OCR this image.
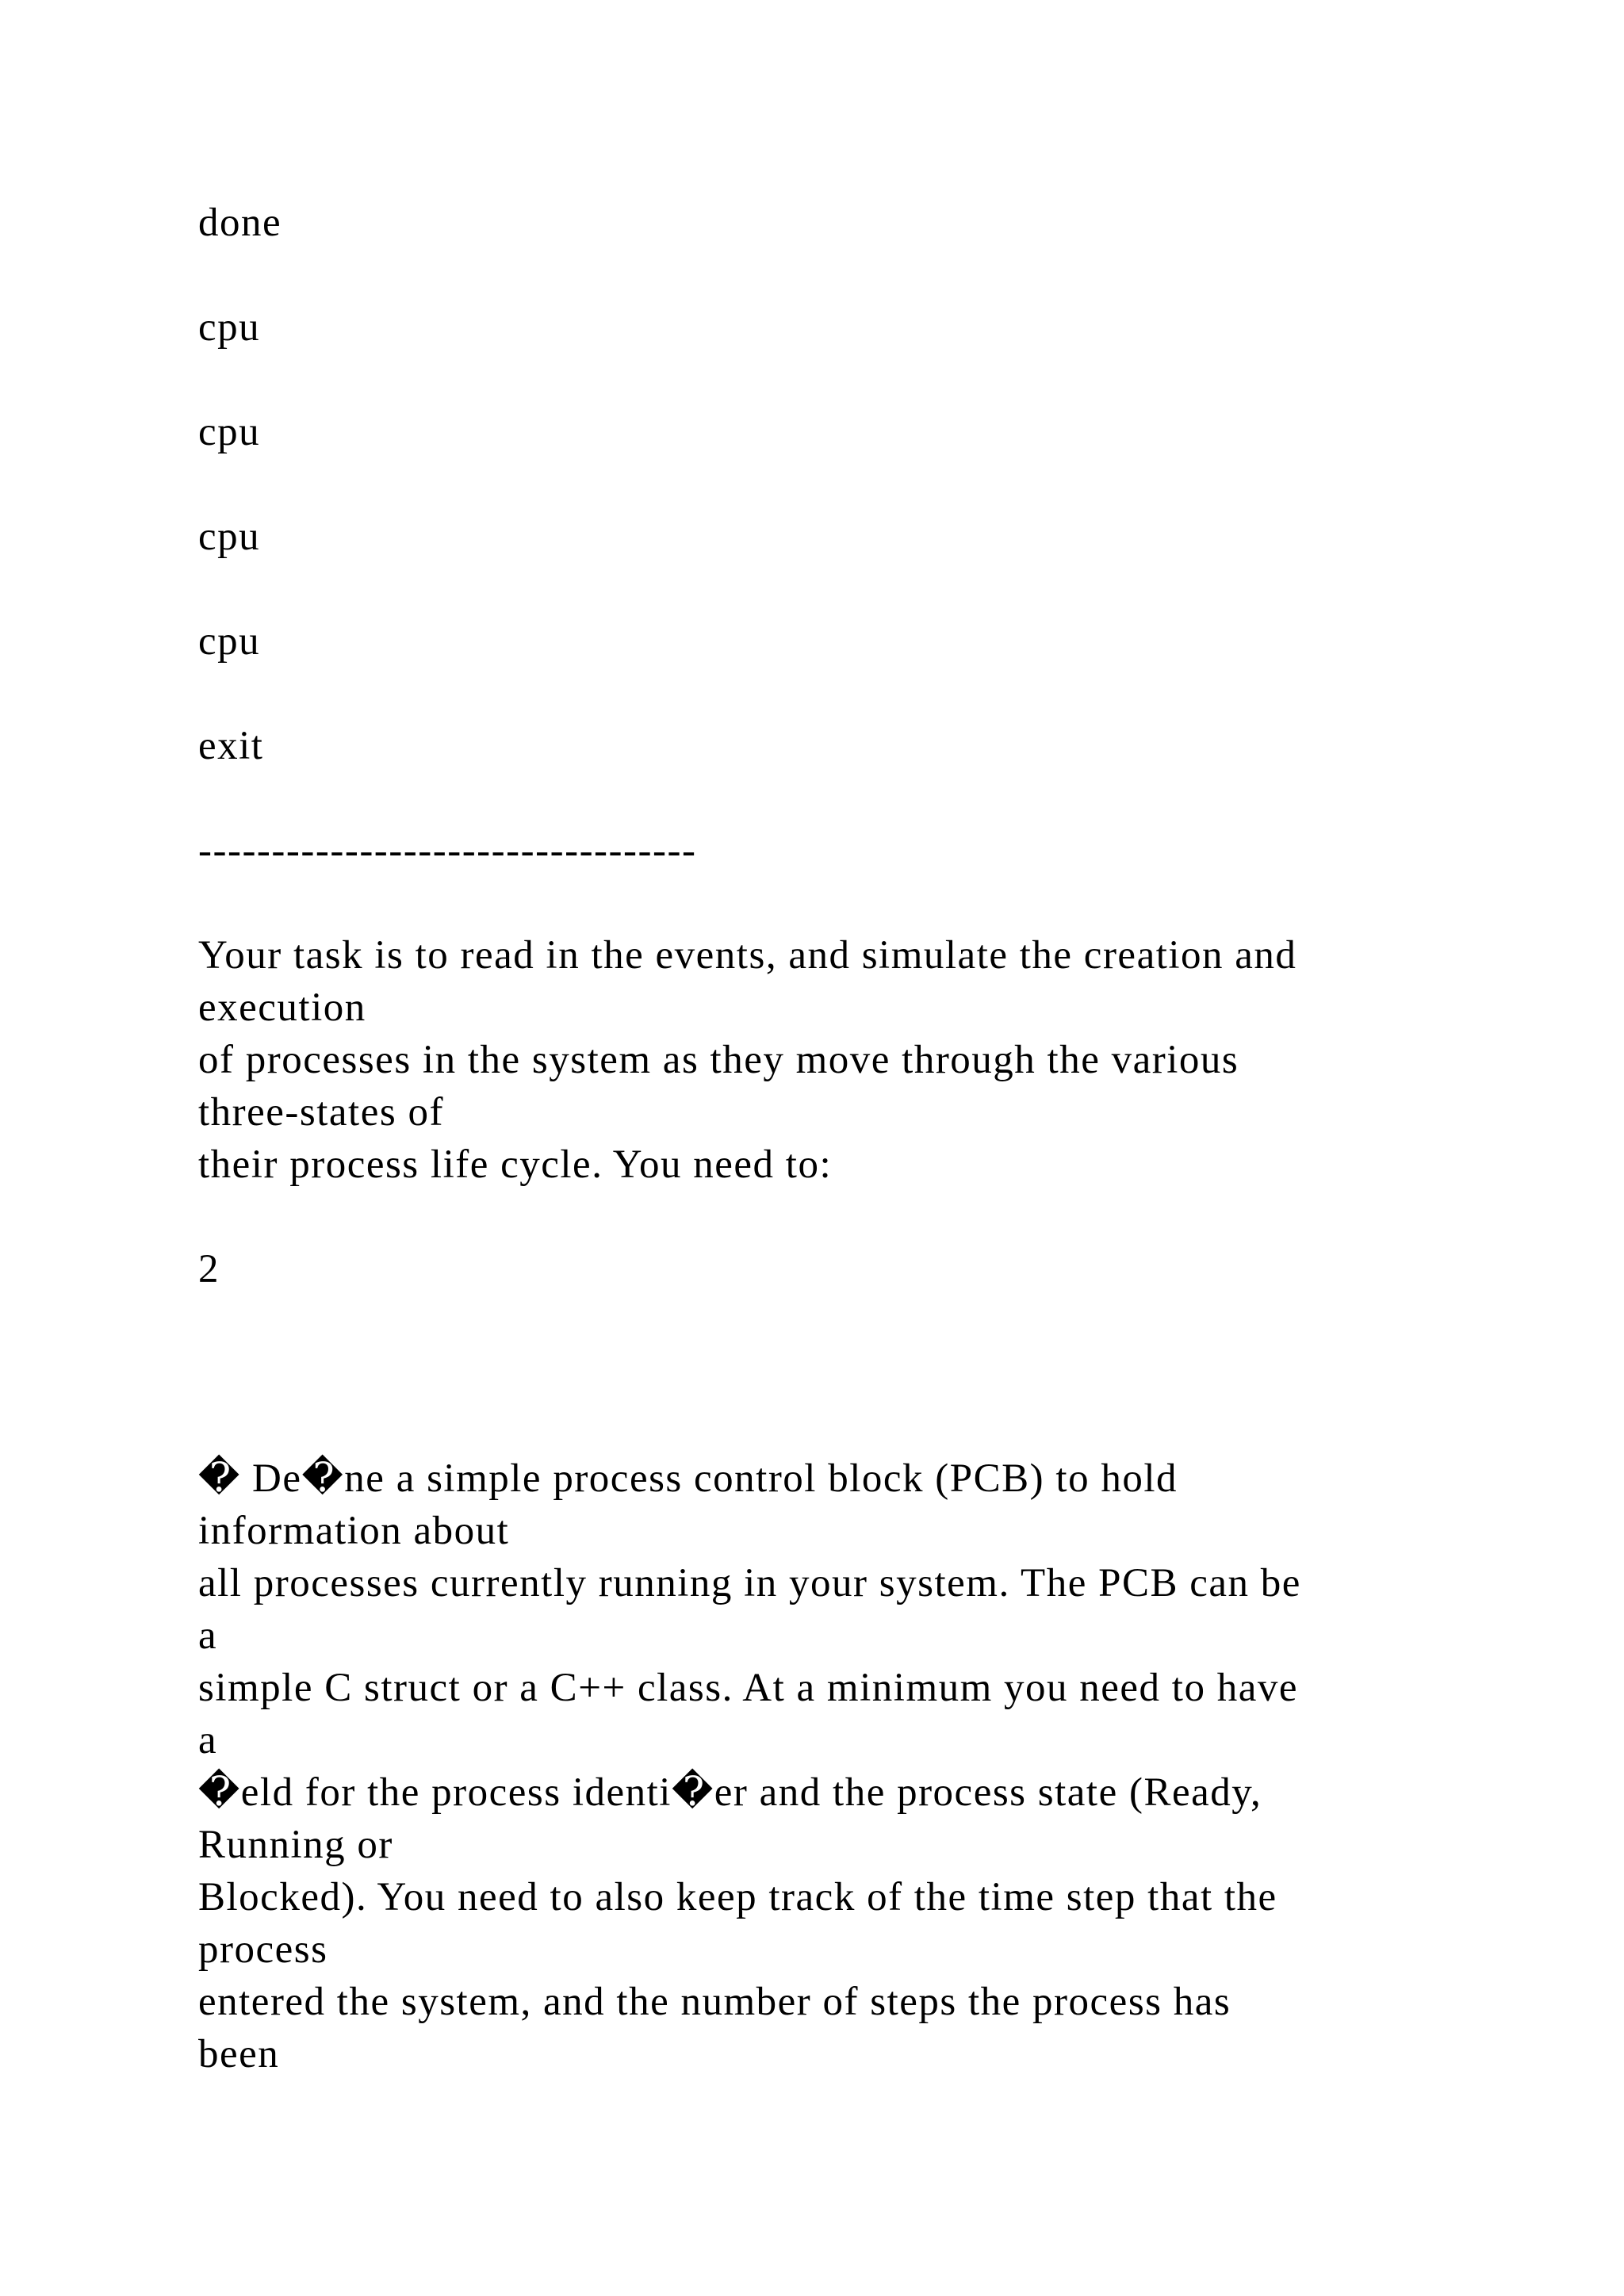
done

cpu

cpu

cpu

cpu

exit

----------------------------------

Your task is to read in the events, and simulate the creation and

execution

of processes in the system as they move through the various

three-states of

their process life cycle. You need to:

2

� De�ne a simple process control block (PCB) to hold

information about

all processes currently running in your system. The PCB can be

a

simple C struct or a C++ class. At a minimum you need to have

a

�eld for the process identi�er and the process state (Ready,

Running or

Blocked). You need to also keep track of the time step that the

process

entered the system, and the number of steps the process has

been
